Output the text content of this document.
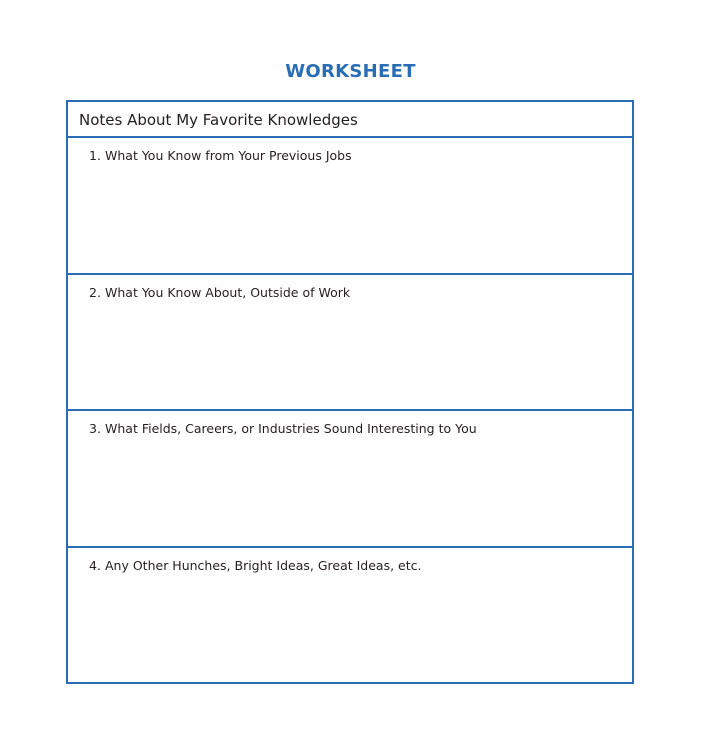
WORKSHEET
Notes About My Favorite Knowledges
1. What You Know from Your Previous Jobs
2. What You Know About, Outside of Work
3. What Fields, Careers, or Industries Sound Interesting to You
4. Any Other Hunches, Bright Ideas, Great Ideas, etc.
